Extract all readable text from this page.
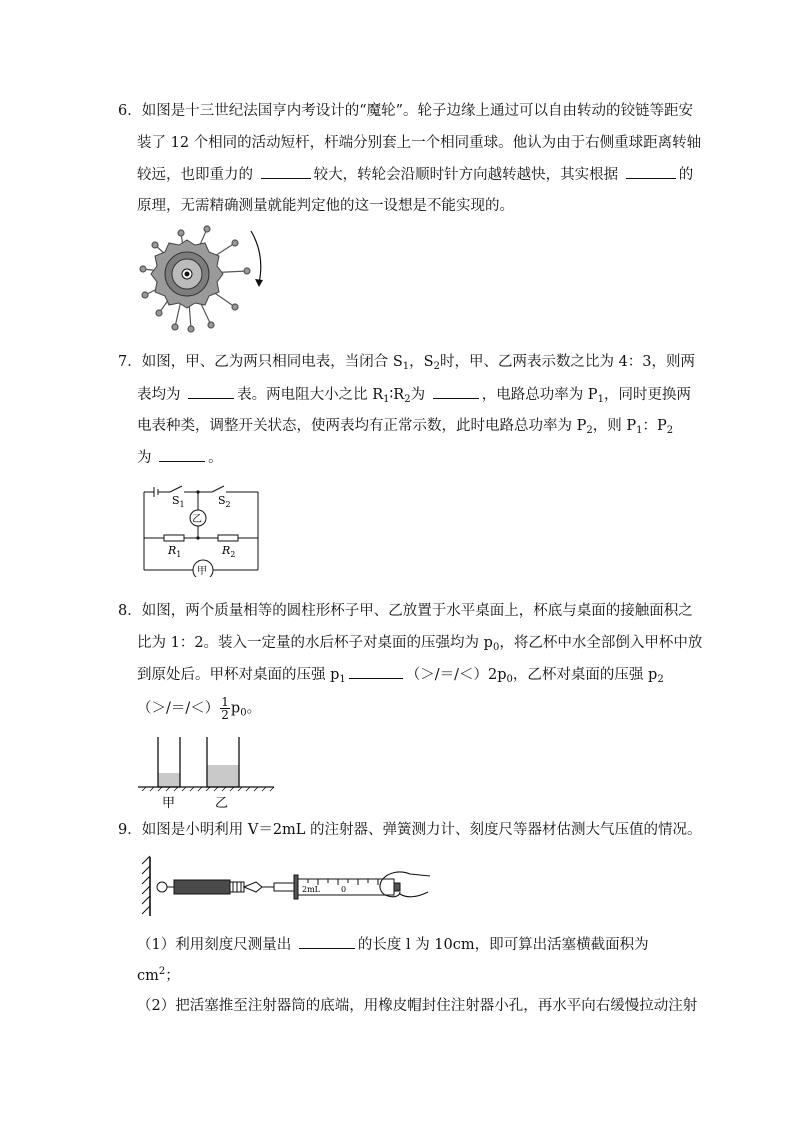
6．如图是十三世纪法国亨内考设计的“魔轮”。轮子边缘上通过可以自由转动的铰链等距安
装了 12 个相同的活动短杆，杆端分别套上一个相同重球。他认为由于右侧重球距离转轴
较远，也即重力的	较大，转轮会沿顺时针方向越转越快，其实根据	的
原理，无需精确测量就能判定他的这一设想是不能实现的。
7．如图，甲、乙为两只相同电表，当闭合 $S_1$，$S_2$时，甲、乙两表示数之比为 4：3，则两
表均为	表。两电阻大小之比 $R_1∶R_2$为	，电路总功率为 $P_1$，同时更换两
电表种类，调整开关状态，使两表均有正常示数，此时电路总功率为 $P_2$，则 $P_1$：$P_2$
为	。
$S_1$	$S_2$
乙
$R_1$	$R_2$
甲
8．如图，两个质量相等的圆柱形杯子甲、乙放置于水平桌面上，杯底与桌面的接触面积之
比为 1：2。装入一定量的水后杯子对桌面的压强均为 $p_0$，将乙杯中水全部倒入甲杯中放
到原处后。甲杯对桌面的压强 $p_1$	$(>/=/<)2p_0$，乙杯对桌面的压强 $p_2$
（＞/＝/＜） $\frac{1}{2} p_0$。
甲	乙
9．如图是小明利用 V＝2mL 的注射器、弹簧测力计、刻度尺等器材估测大气压值的情况。
2mL	0
（1）利用刻度尺测量出	的长度 l 为 10cm，即可算出活塞横截面积为
$cm^2$；
（2）把活塞推至注射器筒的底端，用橡皮帽封住注射器小孔，再水平向右缓慢拉动注射
